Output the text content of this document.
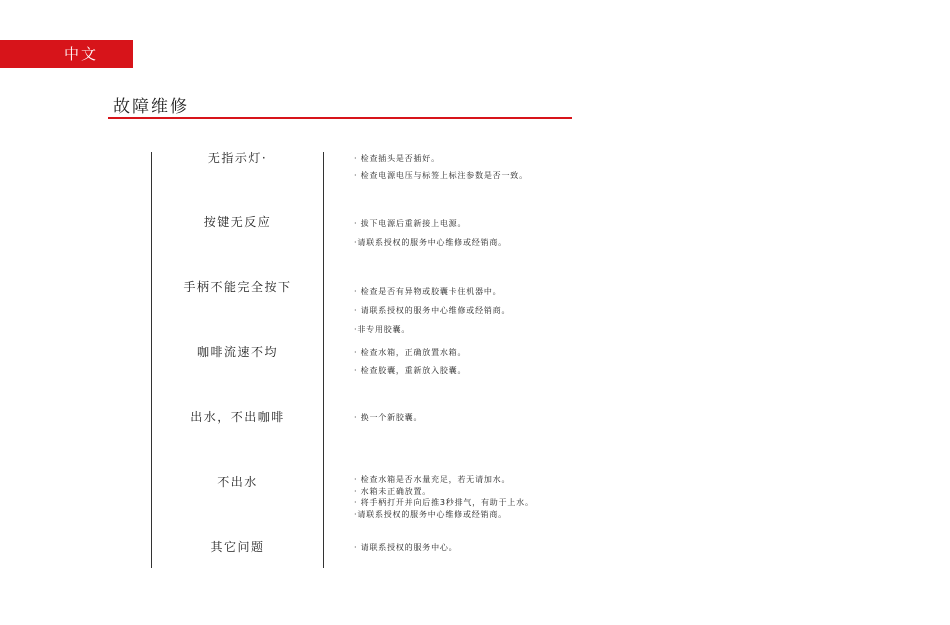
中文
故障维修
无指示灯·	· 检查插头是否插好。
· 检查电源电压与标签上标注参数是否一致。
按键无反应	· 拔下电源后重新接上电源。
·请联系授权的服务中心维修或经销商。
手柄不能完全按下	· 检查是否有异物或胶囊卡住机器中。
· 请联系授权的服务中心维修或经销商。
·非专用胶囊。
咖啡流速不均	· 检查水箱，正确放置水箱。
· 检查胶囊，重新放入胶囊。
出水，不出咖啡	· 换一个新胶囊。
不出水	· 检查水箱是否水量充足，若无请加水。
· 水箱未正确放置。
· 将手柄打开并向后推3秒排气，有助于上水。
·请联系授权的服务中心维修或经销商。
其它问题	· 请联系授权的服务中心。
